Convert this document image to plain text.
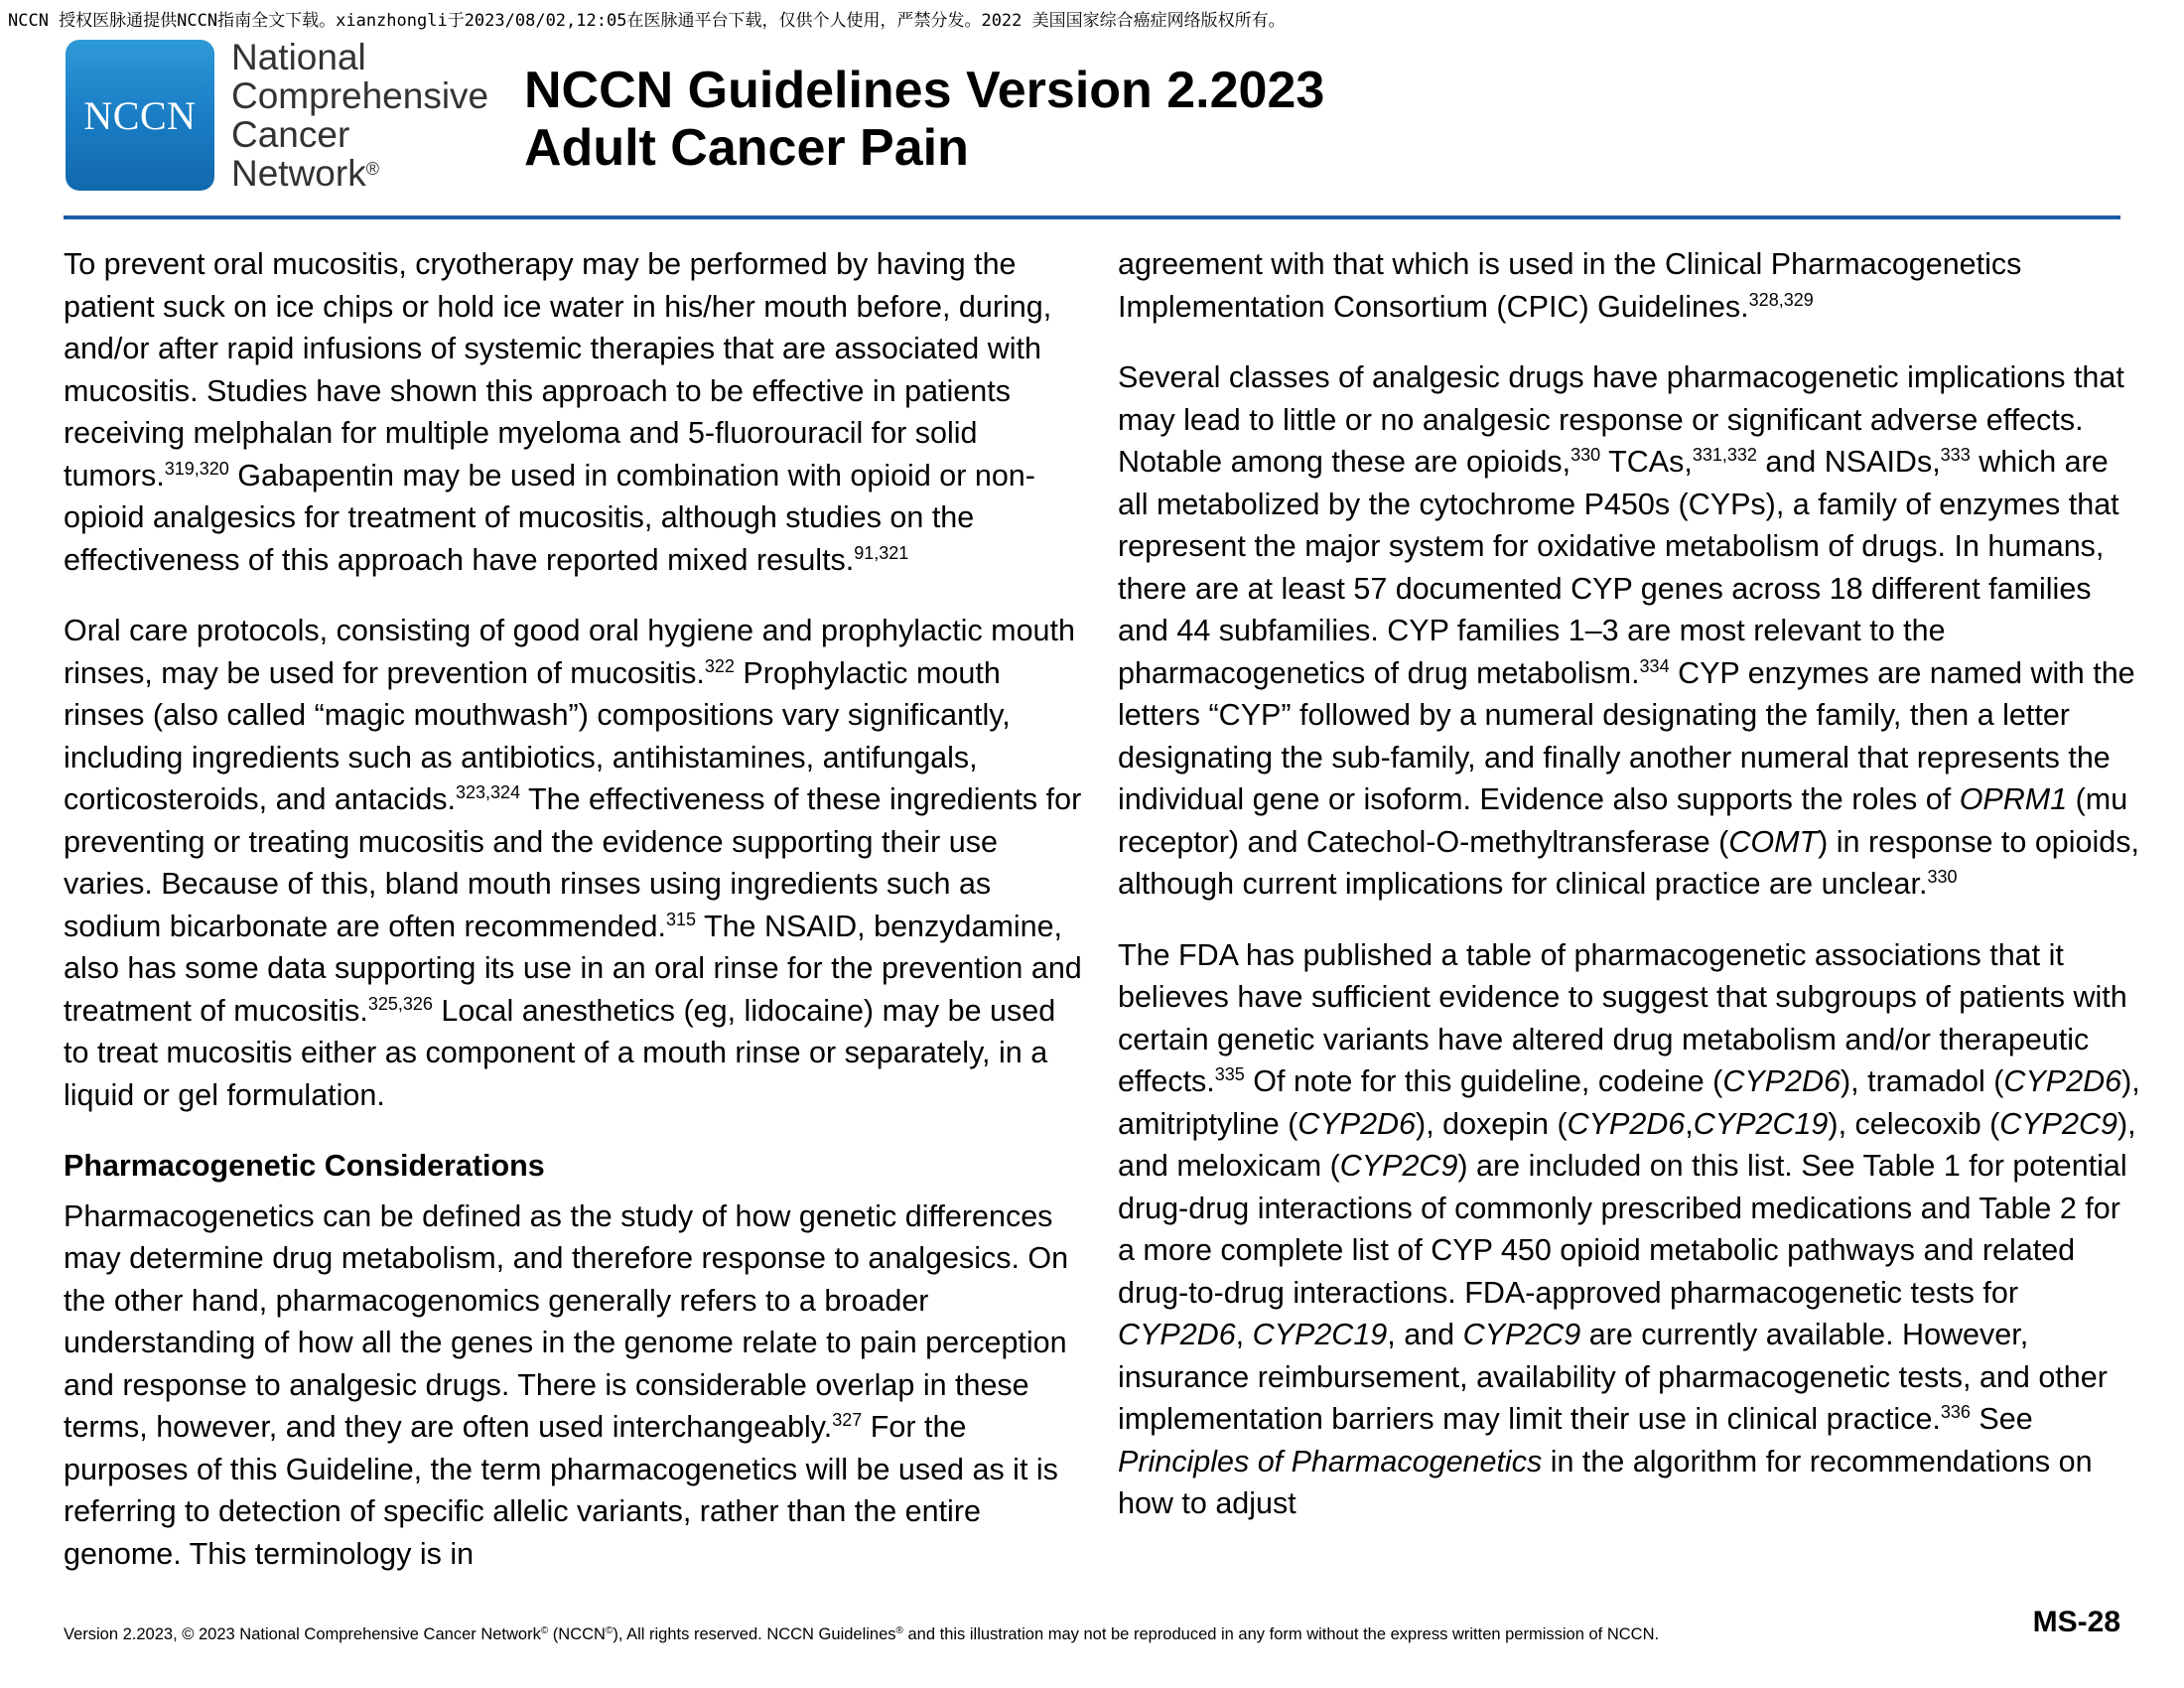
NCCN 授权医脉通提供NCCN指南全文下载。xianzhongli于2023/08/02,12:05在医脉通平台下载，仅供个人使用，严禁分发。2022 美国国家综合癌症网络版权所有。
NCCN
National
Comprehensive
Cancer
Network®
NCCN Guidelines Version 2.2023
Adult Cancer Pain

To prevent oral mucositis, cryotherapy may be performed by having the patient suck on ice chips or hold ice water in his/her mouth before, during, and/or after rapid infusions of systemic therapies that are associated with mucositis. Studies have shown this approach to be effective in patients receiving melphalan for multiple myeloma and 5-fluorouracil for solid tumors.$^{319,320}$ Gabapentin may be used in combination with opioid or non-opioid analgesics for treatment of mucositis, although studies on the effectiveness of this approach have reported mixed results.$^{91,321}$

Oral care protocols, consisting of good oral hygiene and prophylactic mouth rinses, may be used for prevention of mucositis.$^{322}$ Prophylactic mouth rinses (also called “magic mouthwash”) compositions vary significantly, including ingredients such as antibiotics, antihistamines, antifungals, corticosteroids, and antacids.$^{323,324}$ The effectiveness of these ingredients for preventing or treating mucositis and the evidence supporting their use varies. Because of this, bland mouth rinses using ingredients such as sodium bicarbonate are often recommended.$^{315}$ The NSAID, benzydamine, also has some data supporting its use in an oral rinse for the prevention and treatment of mucositis.$^{325,326}$ Local anesthetics (eg, lidocaine) may be used to treat mucositis either as component of a mouth rinse or separately, in a liquid or gel formulation.

Pharmacogenetic Considerations

Pharmacogenetics can be defined as the study of how genetic differences may determine drug metabolism, and therefore response to analgesics. On the other hand, pharmacogenomics generally refers to a broader understanding of how all the genes in the genome relate to pain perception and response to analgesic drugs. There is considerable overlap in these terms, however, and they are often used interchangeably.$^{327}$ For the purposes of this Guideline, the term pharmacogenetics will be used as it is referring to detection of specific allelic variants, rather than the entire genome. This terminology is in

agreement with that which is used in the Clinical Pharmacogenetics Implementation Consortium (CPIC) Guidelines.$^{328,329}$

Several classes of analgesic drugs have pharmacogenetic implications that may lead to little or no analgesic response or significant adverse effects. Notable among these are opioids,$^{330}$ TCAs,$^{331,332}$ and NSAIDs,$^{333}$ which are all metabolized by the cytochrome P450s (CYPs), a family of enzymes that represent the major system for oxidative metabolism of drugs. In humans, there are at least 57 documented CYP genes across 18 different families and 44 subfamilies. CYP families 1–3 are most relevant to the pharmacogenetics of drug metabolism.$^{334}$ CYP enzymes are named with the letters “CYP” followed by a numeral designating the family, then a letter designating the sub-family, and finally another numeral that represents the individual gene or isoform. Evidence also supports the roles of OPRM1 (mu receptor) and Catechol-O-methyltransferase (COMT) in response to opioids, although current implications for clinical practice are unclear.$^{330}$

The FDA has published a table of pharmacogenetic associations that it believes have sufficient evidence to suggest that subgroups of patients with certain genetic variants have altered drug metabolism and/or therapeutic effects.$^{335}$ Of note for this guideline, codeine (CYP2D6), tramadol (CYP2D6), amitriptyline (CYP2D6), doxepin (CYP2D6,CYP2C19), celecoxib (CYP2C9), and meloxicam (CYP2C9) are included on this list. See Table 1 for potential drug-drug interactions of commonly prescribed medications and Table 2 for a more complete list of CYP 450 opioid metabolic pathways and related drug-to-drug interactions. FDA-approved pharmacogenetic tests for CYP2D6, CYP2C19, and CYP2C9 are currently available. However, insurance reimbursement, availability of pharmacogenetic tests, and other implementation barriers may limit their use in clinical practice.$^{336}$ See Principles of Pharmacogenetics in the algorithm for recommendations on how to adjust

Version 2.2023, © 2023 National Comprehensive Cancer Network© (NCCN©), All rights reserved. NCCN Guidelines® and this illustration may not be reproduced in any form without the express written permission of NCCN.	MS-28
